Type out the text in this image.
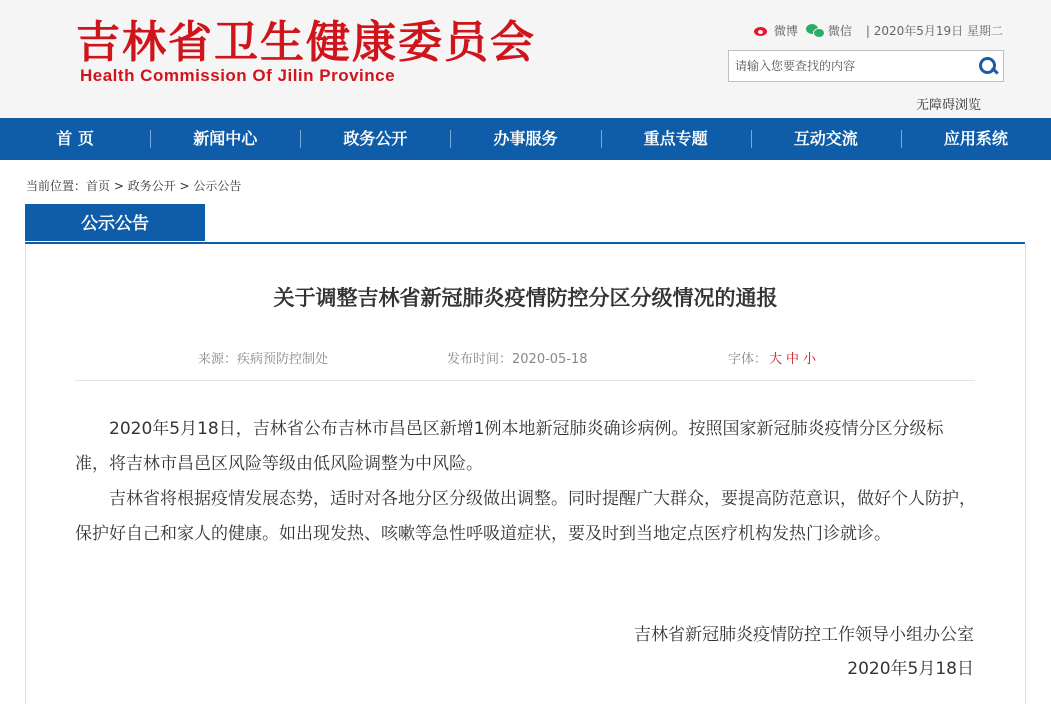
吉林省卫生健康委员会
Health Commission Of Jilin Province
微博	微信 | 2020年5月19日 星期二
请输入您要查找的内容
无障碍浏览
首 页	新闻中心	政务公开	办事服务	重点专题	互动交流	应用系统
当前位置：首页 > 政务公开 > 公示公告
公示公告
关于调整吉林省新冠肺炎疫情防控分区分级情况的通报
来源：疾病预防控制处	发布时间：2020-05-18	字体： 大 中 小

2020年5月18日，吉林省公布吉林市昌邑区新增1例本地新冠肺炎确诊病例。按照国家新冠肺炎疫情分区分级标准，将吉林市昌邑区风险等级由低风险调整为中风险。

吉林省将根据疫情发展态势，适时对各地分区分级做出调整。同时提醒广大群众，要提高防范意识，做好个人防护，保护好自己和家人的健康。如出现发热、咳嗽等急性呼吸道症状，要及时到当地定点医疗机构发热门诊就诊。

吉林省新冠肺炎疫情防控工作领导小组办公室
2020年5月18日
